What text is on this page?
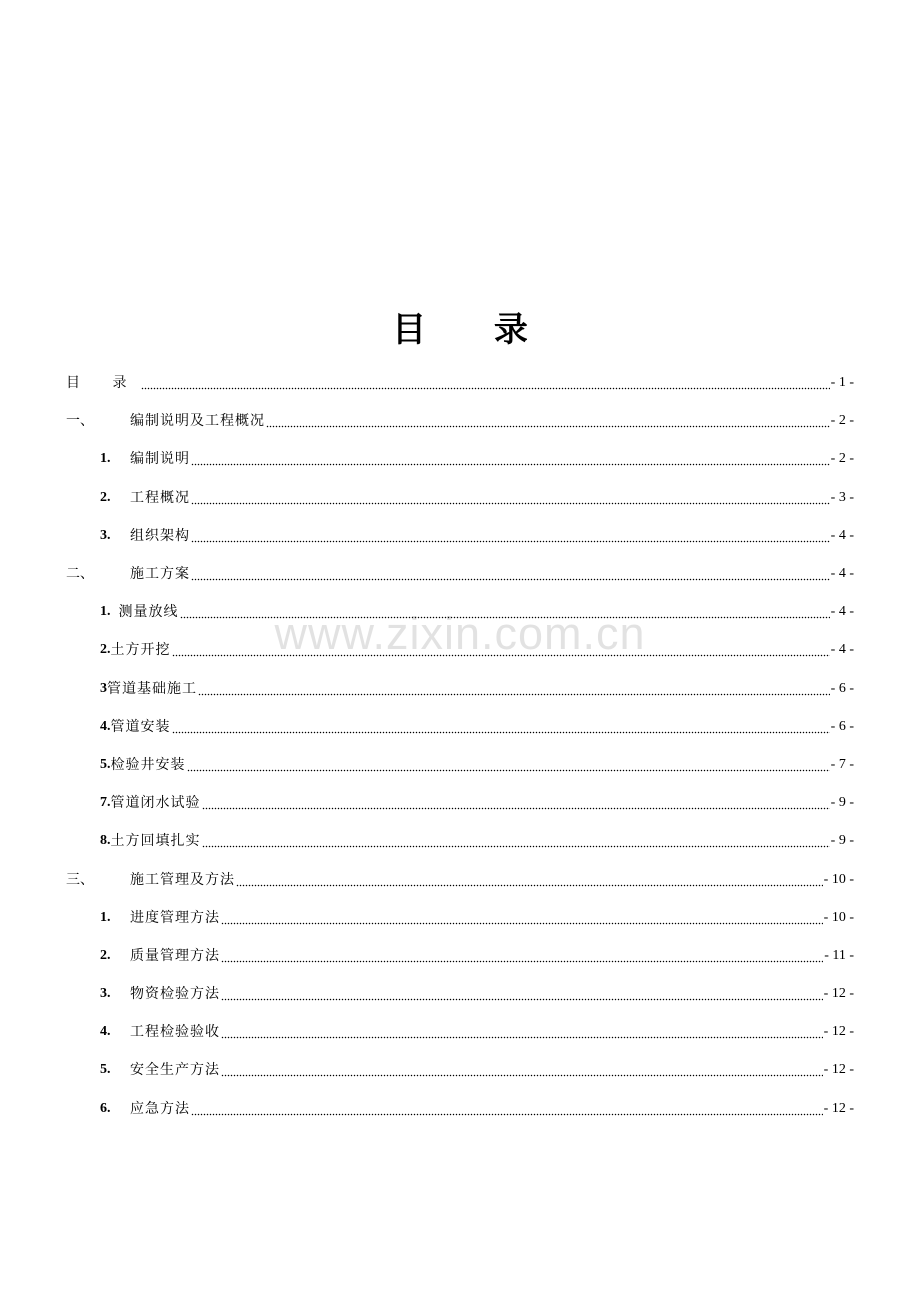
目 录
目 录	- 1 -
一、	编制说明及工程概况	- 2 -
1.	编制说明	- 2 -
2.	工程概况	- 3 -
3.	组织架构	- 4 -
二、	施工方案	- 4 -
1. 测量放线	- 4 -
2. 土方开挖	- 4 -
3 管道基础施工	- 6 -
4. 管道安装	- 6 -
5. 检验井安装	- 7 -
7. 管道闭水试验	- 9 -
8. 土方回填扎实	- 9 -
三、	施工管理及方法	- 10 -
1.	进度管理方法	- 10 -
2.	质量管理方法	- 11 -
3.	物资检验方法	- 12 -
4.	工程检验验收	- 12 -
5.	安全生产方法	- 12 -
6.	应急方法	- 12 -
www.zixin.com.cn
